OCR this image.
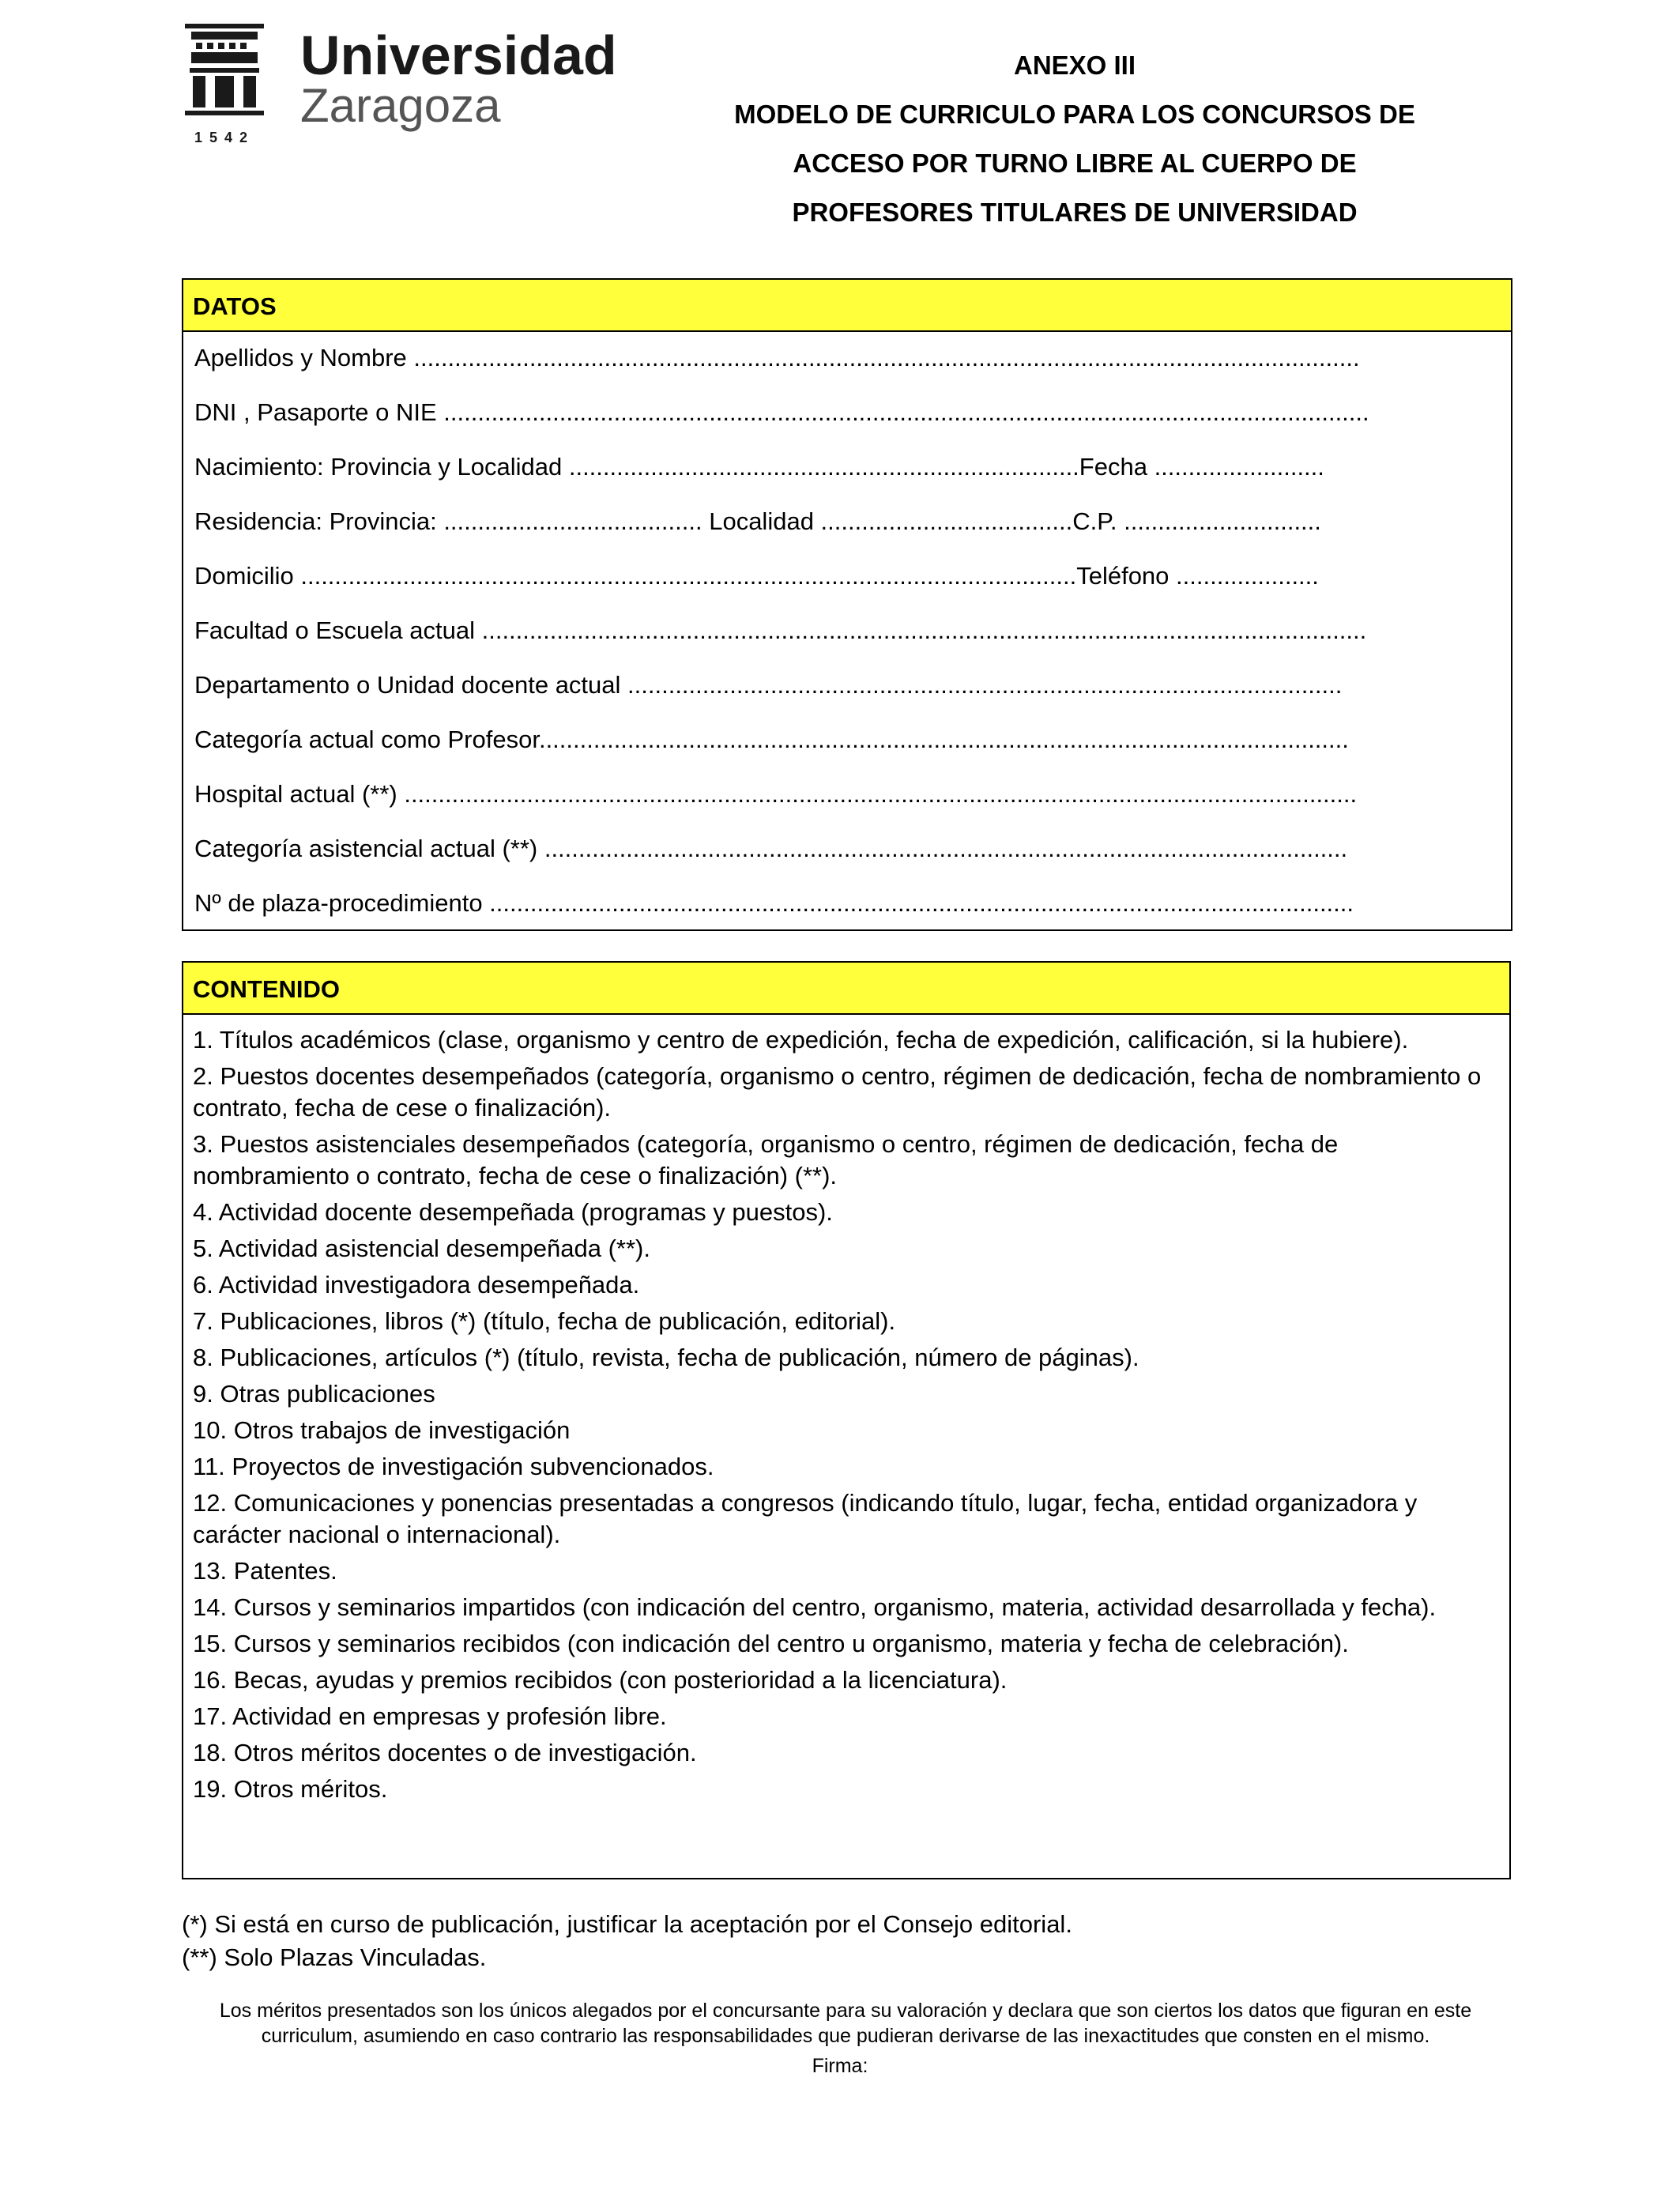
Universidad
Zaragoza
1542
ANEXO III
MODELO DE CURRICULO PARA LOS CONCURSOS DE
ACCESO POR TURNO LIBRE AL CUERPO DE
PROFESORES TITULARES DE UNIVERSIDAD
DATOS
Apellidos y Nombre ...........................................................................................................................................
DNI , Pasaporte o NIE ........................................................................................................................................
Nacimiento: Provincia y Localidad ...........................................................................Fecha .........................
Residencia: Provincia: ...................................... Localidad .....................................C.P. .............................
Domicilio ..................................................................................................................Teléfono .....................
Facultad o Escuela actual ..................................................................................................................................
Departamento o Unidad docente actual .........................................................................................................
Categoría actual como Profesor.......................................................................................................................
Hospital actual (**) ............................................................................................................................................
Categoría asistencial actual (**) ......................................................................................................................
Nº de plaza-procedimiento ...............................................................................................................................
CONTENIDO
1. Títulos académicos (clase, organismo y centro de expedición, fecha de expedición, calificación, si la hubiere).
2. Puestos docentes desempeñados (categoría, organismo o centro, régimen de dedicación, fecha de nombramiento o contrato, fecha de cese o finalización).
3. Puestos asistenciales desempeñados (categoría, organismo o centro, régimen de dedicación, fecha de nombramiento o contrato, fecha de cese o finalización) (**).
4. Actividad docente desempeñada (programas y puestos).
5. Actividad asistencial desempeñada (**).
6. Actividad investigadora desempeñada.
7. Publicaciones, libros (*) (título, fecha de publicación, editorial).
8. Publicaciones, artículos (*) (título, revista, fecha de publicación, número de páginas).
9. Otras publicaciones
10. Otros trabajos de investigación
11. Proyectos de investigación subvencionados.
12. Comunicaciones y ponencias presentadas a congresos (indicando título, lugar, fecha, entidad organizadora y carácter nacional o internacional).
13. Patentes.
14. Cursos y seminarios impartidos (con indicación del centro, organismo, materia, actividad desarrollada y fecha).
15. Cursos y seminarios recibidos (con indicación del centro u organismo, materia y fecha de celebración).
16. Becas, ayudas y premios recibidos (con posterioridad a la licenciatura).
17. Actividad en empresas y profesión libre.
18. Otros méritos docentes o de investigación.
19. Otros méritos.
(*) Si está en curso de publicación, justificar la aceptación por el Consejo editorial.
(**) Solo Plazas Vinculadas.
Los méritos presentados son los únicos alegados por el concursante para su valoración y declara que son ciertos los datos que figuran en este curriculum, asumiendo en caso contrario las responsabilidades que pudieran derivarse de las inexactitudes que consten en el mismo.
Firma:
